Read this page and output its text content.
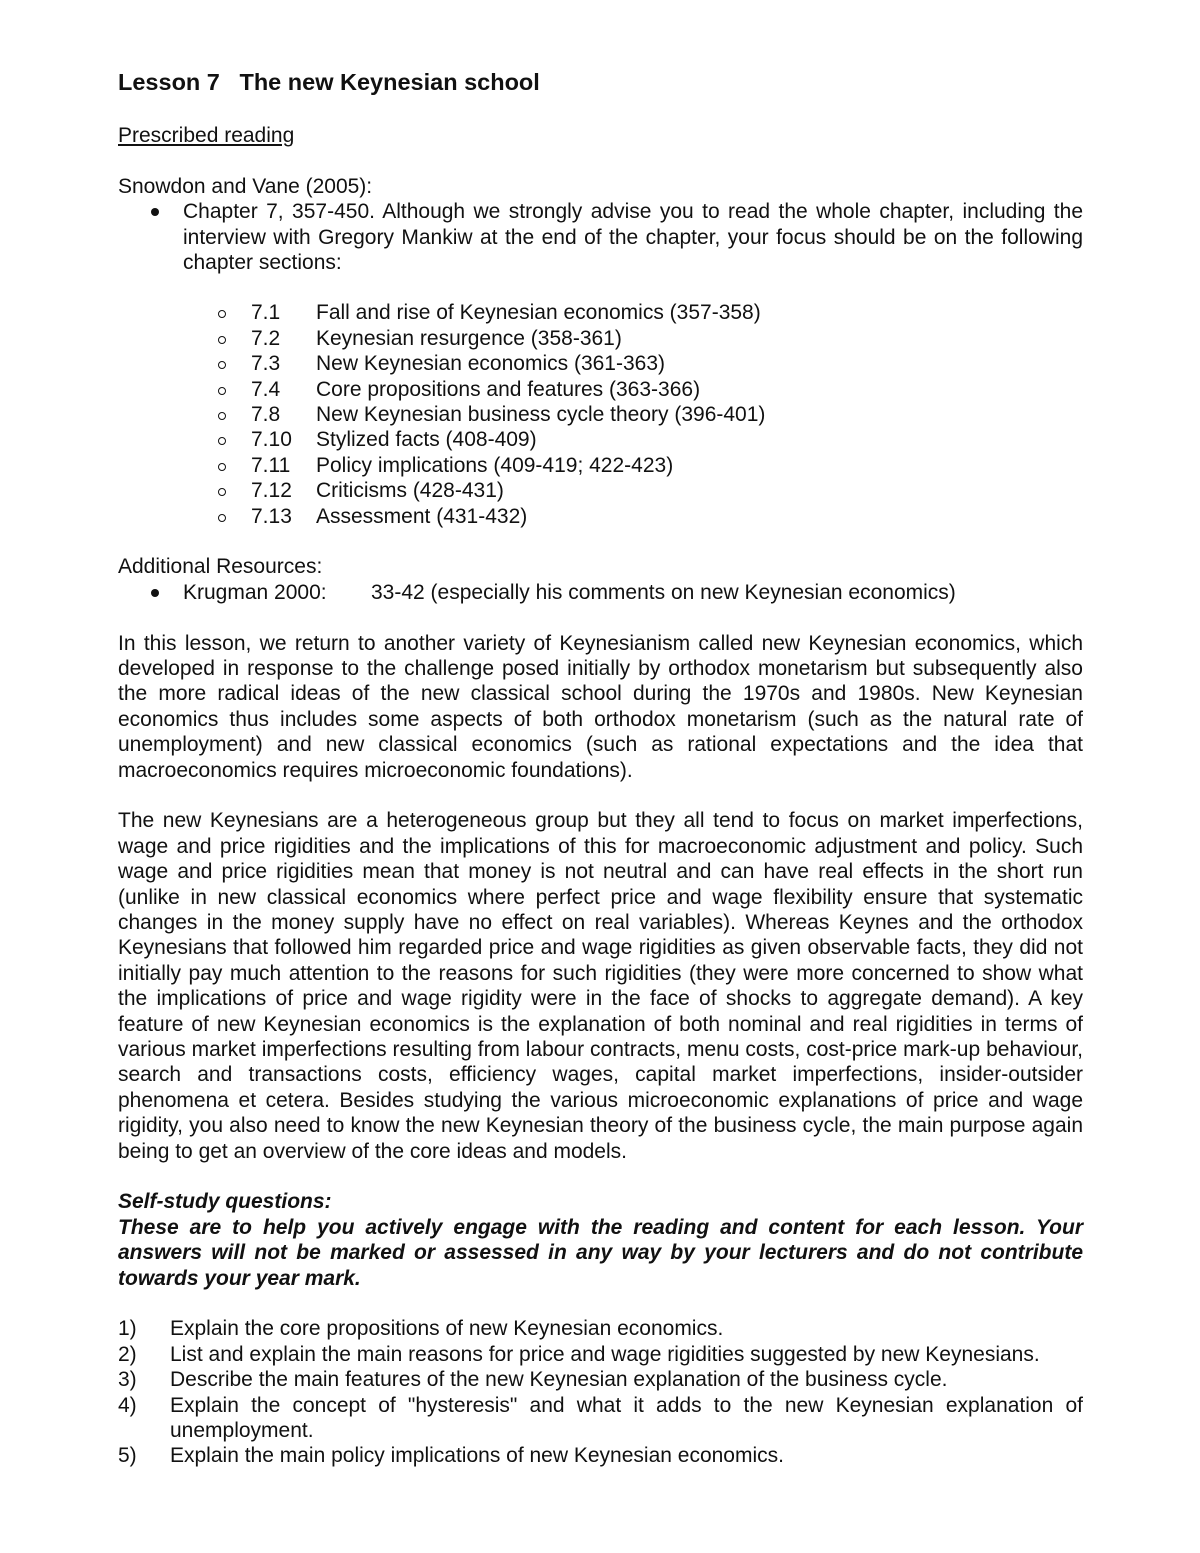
Lesson 7   The new Keynesian school

Prescribed reading

Snowdon and Vane (2005):

Chapter 7, 357-450. Although we strongly advise you to read the whole chapter, including the interview with Gregory Mankiw at the end of the chapter, your focus should be on the following chapter sections:
7.1 Fall and rise of Keynesian economics (357-358)
7.2 Keynesian resurgence (358-361)
7.3 New Keynesian economics (361-363)
7.4 Core propositions and features (363-366)
7.8 New Keynesian business cycle theory (396-401)
7.10 Stylized facts (408-409)
7.11 Policy implications (409-419; 422-423)
7.12 Criticisms (428-431)
7.13 Assessment (431-432)

Additional Resources:

Krugman 2000: 33-42 (especially his comments on new Keynesian economics)

In this lesson, we return to another variety of Keynesianism called new Keynesian economics, which developed in response to the challenge posed initially by orthodox monetarism but subsequently also the more radical ideas of the new classical school during the 1970s and 1980s. New Keynesian economics thus includes some aspects of both orthodox monetarism (such as the natural rate of unemployment) and new classical economics (such as rational expectations and the idea that macroeconomics requires microeconomic foundations).

The new Keynesians are a heterogeneous group but they all tend to focus on market imperfections, wage and price rigidities and the implications of this for macroeconomic adjustment and policy. Such wage and price rigidities mean that money is not neutral and can have real effects in the short run (unlike in new classical economics where perfect price and wage flexibility ensure that systematic changes in the money supply have no effect on real variables). Whereas Keynes and the orthodox Keynesians that followed him regarded price and wage rigidities as given observable facts, they did not initially pay much attention to the reasons for such rigidities (they were more concerned to show what the implications of price and wage rigidity were in the face of shocks to aggregate demand). A key feature of new Keynesian economics is the explanation of both nominal and real rigidities in terms of various market imperfections resulting from labour contracts, menu costs, cost-price mark-up behaviour, search and transactions costs, efficiency wages, capital market imperfections, insider-outsider phenomena et cetera. Besides studying the various microeconomic explanations of price and wage rigidity, you also need to know the new Keynesian theory of the business cycle, the main purpose again being to get an overview of the core ideas and models.

Self-study questions:

These are to help you actively engage with the reading and content for each lesson. Your answers will not be marked or assessed in any way by your lecturers and do not contribute towards your year mark.

1) Explain the core propositions of new Keynesian economics.
2) List and explain the main reasons for price and wage rigidities suggested by new Keynesians.
3) Describe the main features of the new Keynesian explanation of the business cycle.
4) Explain the concept of "hysteresis" and what it adds to the new Keynesian explanation of unemployment.
5) Explain the main policy implications of new Keynesian economics.
